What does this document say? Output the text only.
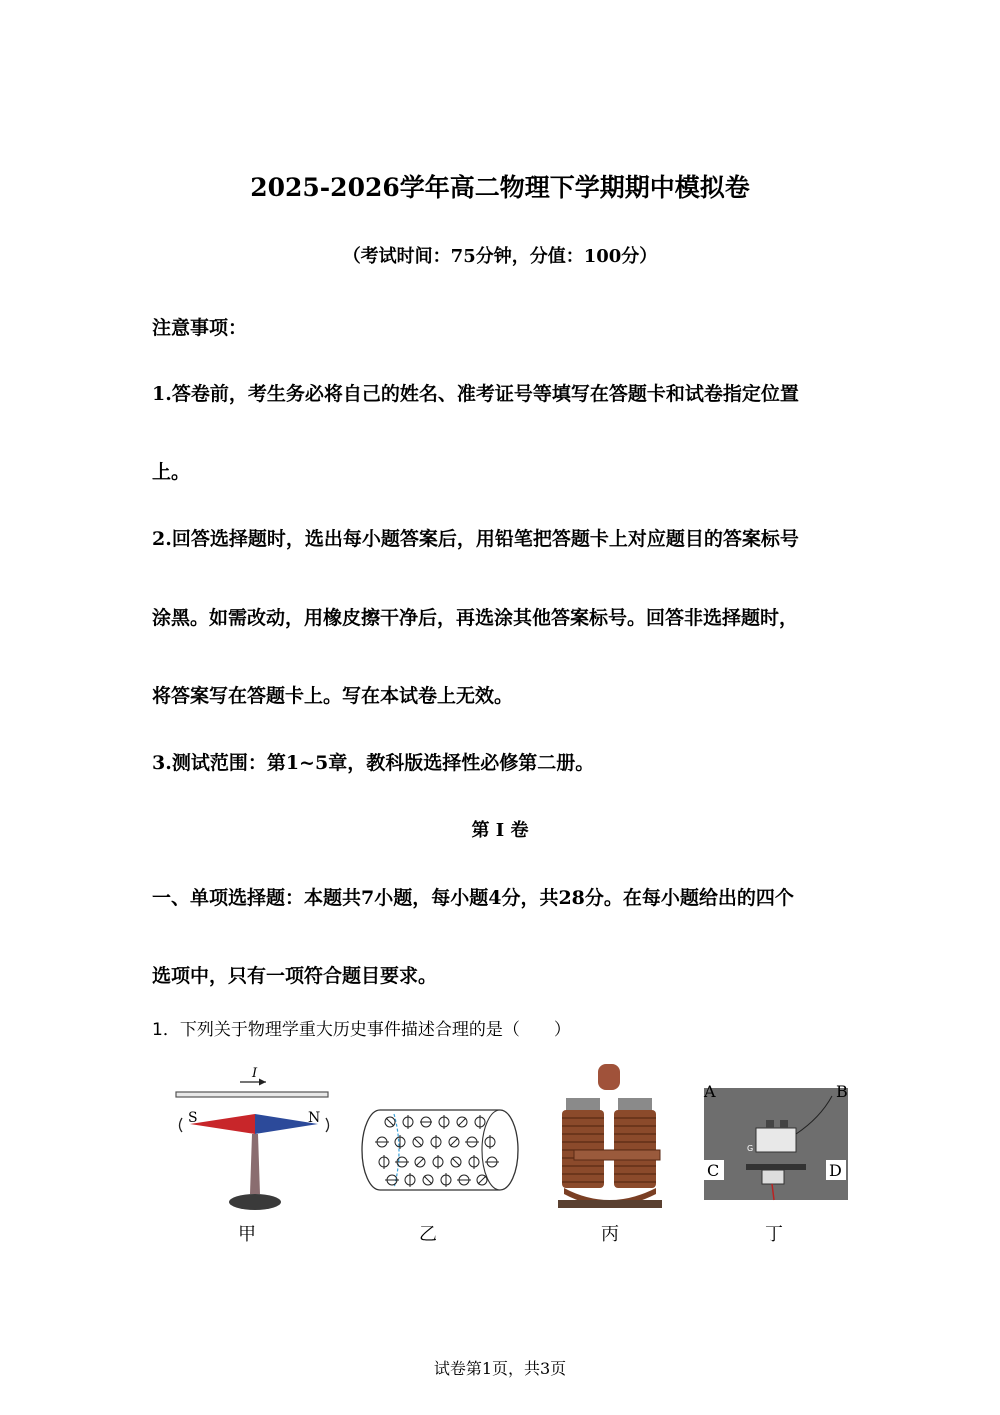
2025-2026学年高二物理下学期期中模拟卷
（考试时间：75分钟，分值：100分）
注意事项：
1.答卷前，考生务必将自己的姓名、准考证号等填写在答题卡和试卷指定位置
上。
2.回答选择题时，选出每小题答案后，用铅笔把答题卡上对应题目的答案标号
涂黑。如需改动，用橡皮擦干净后，再选涂其他答案标号。回答非选择题时，
将答案写在答题卡上。写在本试卷上无效。
3.测试范围：第1~5章，教科版选择性必修第二册。
第 I 卷
一、单项选择题：本题共7小题，每小题4分，共28分。在每小题给出的四个
选项中，只有一项符合题目要求。
1．下列关于物理学重大历史事件描述合理的是（　　）
I
S	N
甲	乙	丙
A	B
C	D
G
丁
试卷第1页，共3页
